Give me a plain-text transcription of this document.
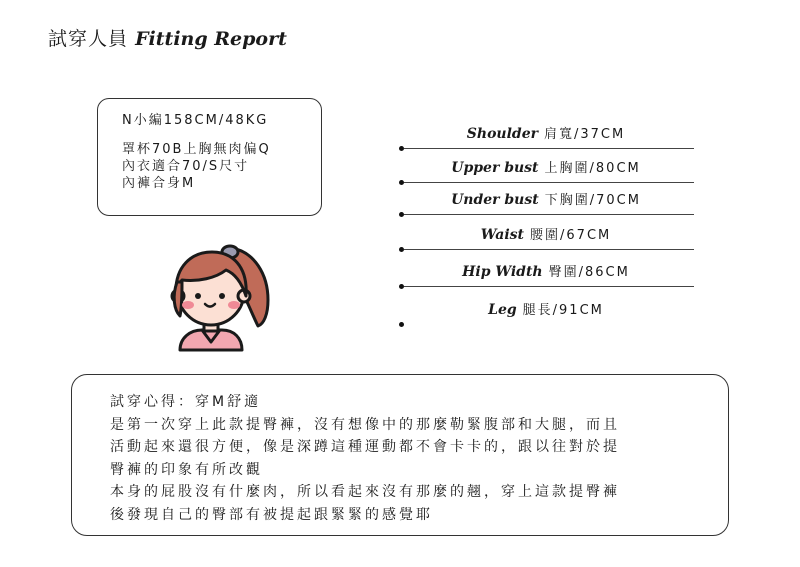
試穿人員 Fitting Report
N小編158CM/48KG
罩杯70B上胸無肉偏Q
內衣適合70/S尺寸
內褲合身M
Shoulder 肩寬/37CM
Upper bust 上胸圍/80CM
Under bust 下胸圍/70CM
Waist 腰圍/67CM
Hip Width 臀圍/86CM
Leg 腿長/91CM
試穿心得：穿M舒適
是第一次穿上此款提臀褲，沒有想像中的那麼勒緊腹部和大腿，而且
活動起來還很方便，像是深蹲這種運動都不會卡卡的，跟以往對於提
臀褲的印象有所改觀
本身的屁股沒有什麼肉，所以看起來沒有那麼的翹，穿上這款提臀褲
後發現自己的臀部有被提起跟緊緊的感覺耶
